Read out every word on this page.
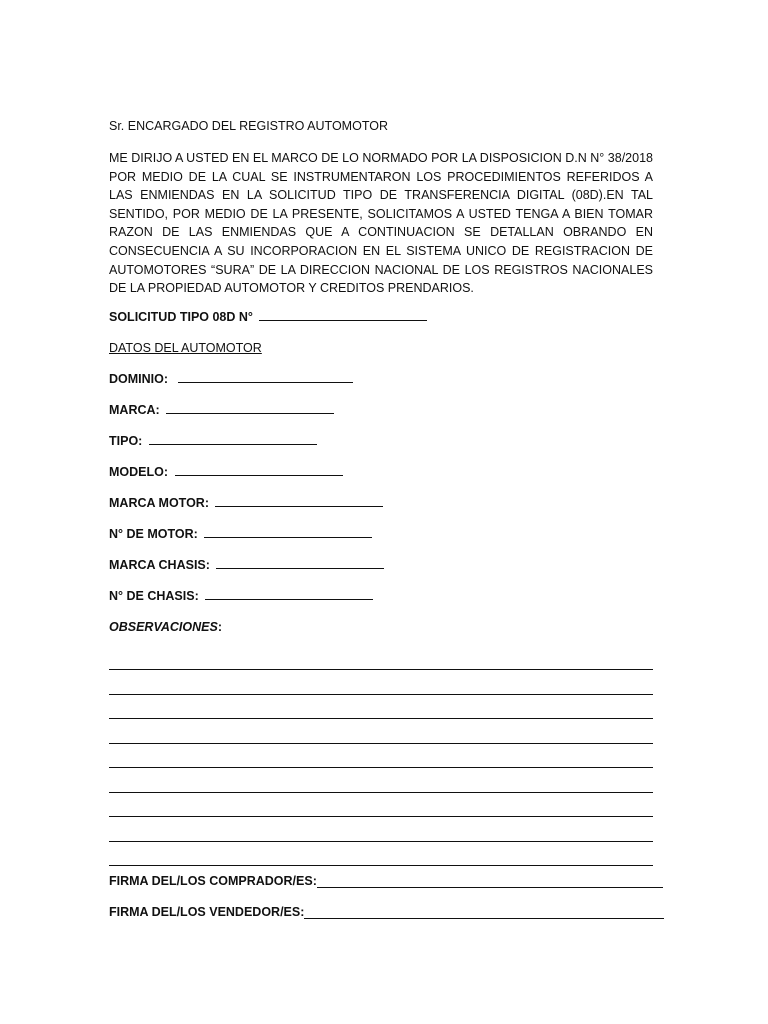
Sr. ENCARGADO DEL REGISTRO AUTOMOTOR

ME DIRIJO A USTED EN EL MARCO DE LO NORMADO POR LA DISPOSICION D.N N° 38/2018 POR MEDIO DE LA CUAL SE INSTRUMENTARON LOS PROCEDIMIENTOS REFERIDOS A LAS ENMIENDAS EN LA SOLICITUD TIPO DE TRANSFERENCIA DIGITAL (08D).EN TAL SENTIDO, POR MEDIO DE LA PRESENTE, SOLICITAMOS A USTED TENGA A BIEN TOMAR RAZON DE LAS ENMIENDAS QUE A CONTINUACION SE DETALLAN OBRANDO EN CONSECUENCIA A SU INCORPORACION EN EL SISTEMA UNICO DE REGISTRACION DE AUTOMOTORES “SURA” DE LA DIRECCION NACIONAL DE LOS REGISTROS NACIONALES DE LA PROPIEDAD AUTOMOTOR Y CREDITOS PRENDARIOS.

SOLICITUD TIPO 08D N°

DATOS DEL AUTOMOTOR

DOMINIO:

MARCA:

TIPO:

MODELO:

MARCA MOTOR:

N° DE MOTOR:

MARCA CHASIS:

N° DE CHASIS:

OBSERVACIONES:

FIRMA DEL/LOS COMPRADOR/ES:
FIRMA DEL/LOS VENDEDOR/ES:
